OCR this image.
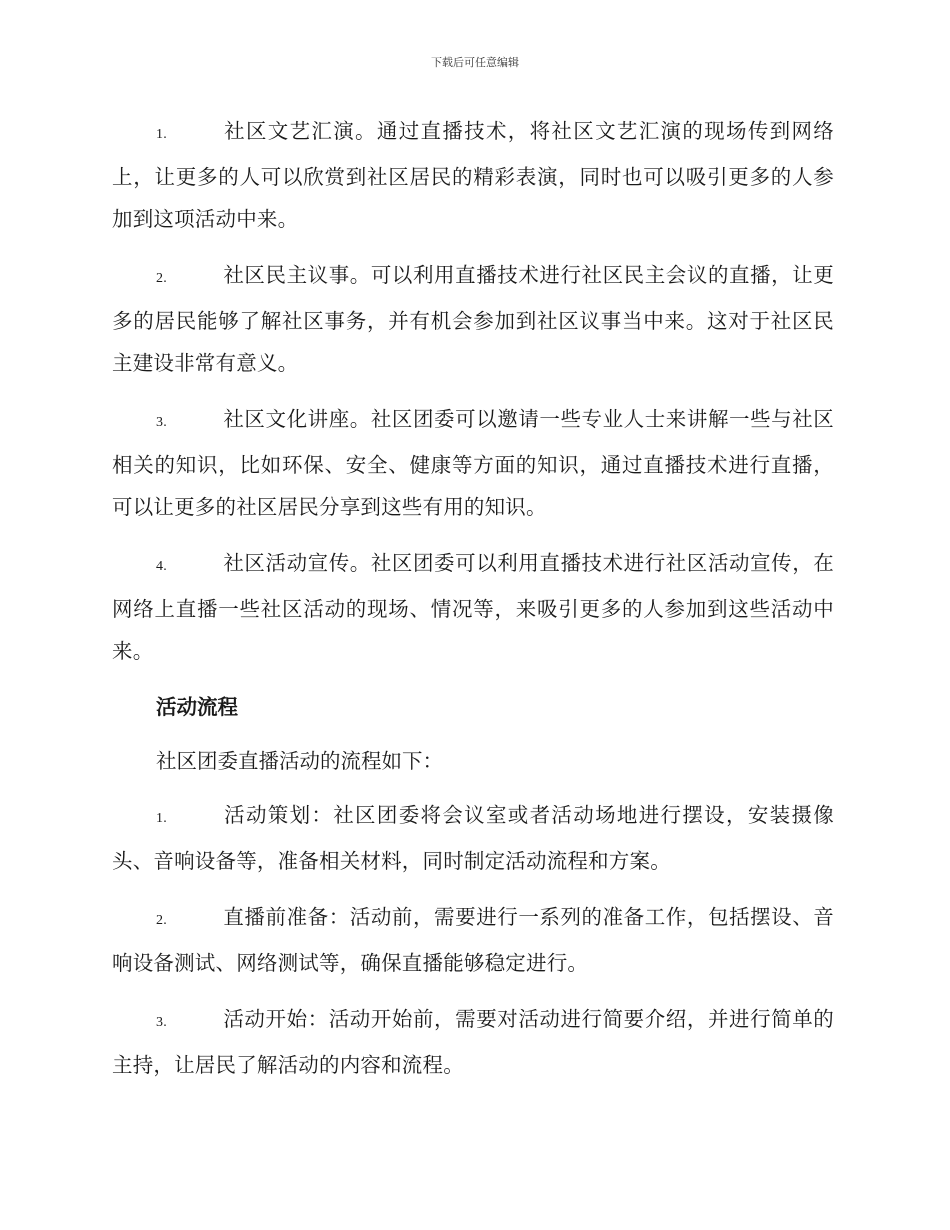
下载后可任意编辑

1.	社区文艺汇演。通过直播技术，将社区文艺汇演的现场传到网络上，让更多的人可以欣赏到社区居民的精彩表演，同时也可以吸引更多的人参加到这项活动中来。

2.	社区民主议事。可以利用直播技术进行社区民主会议的直播，让更多的居民能够了解社区事务，并有机会参加到社区议事当中来。这对于社区民主建设非常有意义。

3.	社区文化讲座。社区团委可以邀请一些专业人士来讲解一些与社区相关的知识，比如环保、安全、健康等方面的知识，通过直播技术进行直播，可以让更多的社区居民分享到这些有用的知识。

4.	社区活动宣传。社区团委可以利用直播技术进行社区活动宣传，在网络上直播一些社区活动的现场、情况等，来吸引更多的人参加到这些活动中来。

活动流程

社区团委直播活动的流程如下：

1.	活动策划：社区团委将会议室或者活动场地进行摆设，安装摄像头、音响设备等，准备相关材料，同时制定活动流程和方案。

2.	直播前准备：活动前，需要进行一系列的准备工作，包括摆设、音响设备测试、网络测试等，确保直播能够稳定进行。

3.	活动开始：活动开始前，需要对活动进行简要介绍，并进行简单的主持，让居民了解活动的内容和流程。
